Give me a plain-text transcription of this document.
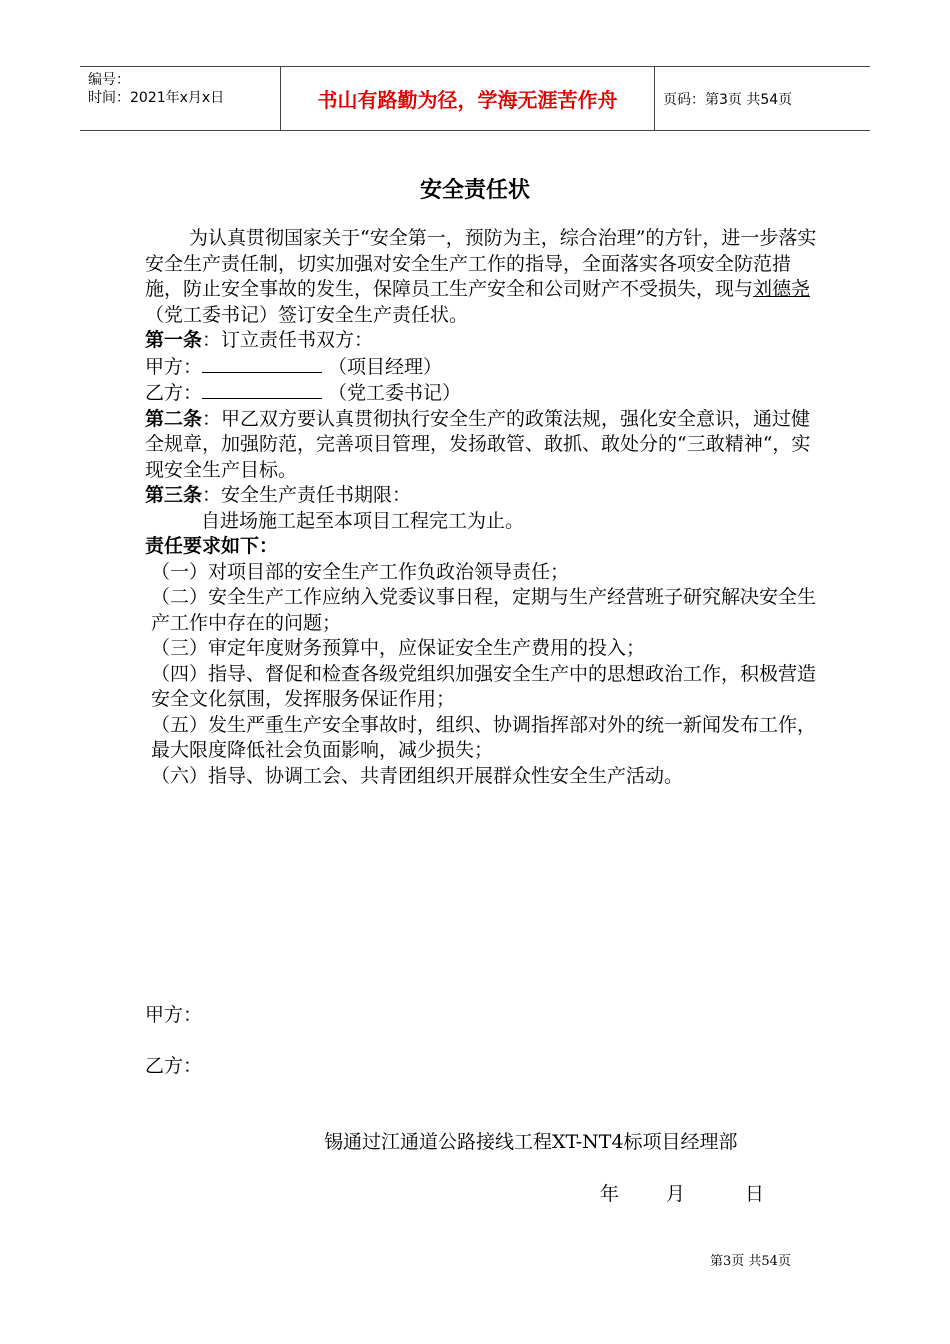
编号：
时间：2021年x月x日	书山有路勤为径，学海无涯苦作舟	页码：第3页 共54页
安全责任状

为认真贯彻国家关于“安全第一，预防为主，综合治理”的方针，进一步落实安全生产责任制，切实加强对安全生产工作的指导，全面落实各项安全防范措施，防止安全事故的发生，保障员工生产安全和公司财产不受损失，现与刘德尧（党工委书记）签订安全生产责任状。

第一条：订立责任书双方：

甲方：	（项目经理）

乙方：	（党工委书记）

第二条：甲乙双方要认真贯彻执行安全生产的政策法规，强化安全意识，通过健全规章，加强防范，完善项目管理，发扬敢管、敢抓、敢处分的“三敢精神“，实现安全生产目标。

第三条：安全生产责任书期限：

自进场施工起至本项目工程完工为止。

责任要求如下：

（一）对项目部的安全生产工作负政治领导责任；

（二）安全生产工作应纳入党委议事日程，定期与生产经营班子研究解决安全生产工作中存在的问题；

（三）审定年度财务预算中，应保证安全生产费用的投入；

（四）指导、督促和检查各级党组织加强安全生产中的思想政治工作，积极营造安全文化氛围，发挥服务保证作用；

（五）发生严重生产安全事故时，组织、协调指挥部对外的统一新闻发布工作，最大限度降低社会负面影响，减少损失；

（六）指导、协调工会、共青团组织开展群众性安全生产活动。

甲方：
乙方：
锡通过江通道公路接线工程XT-NT4标项目经理部
年 月	日
第3页 共54页
